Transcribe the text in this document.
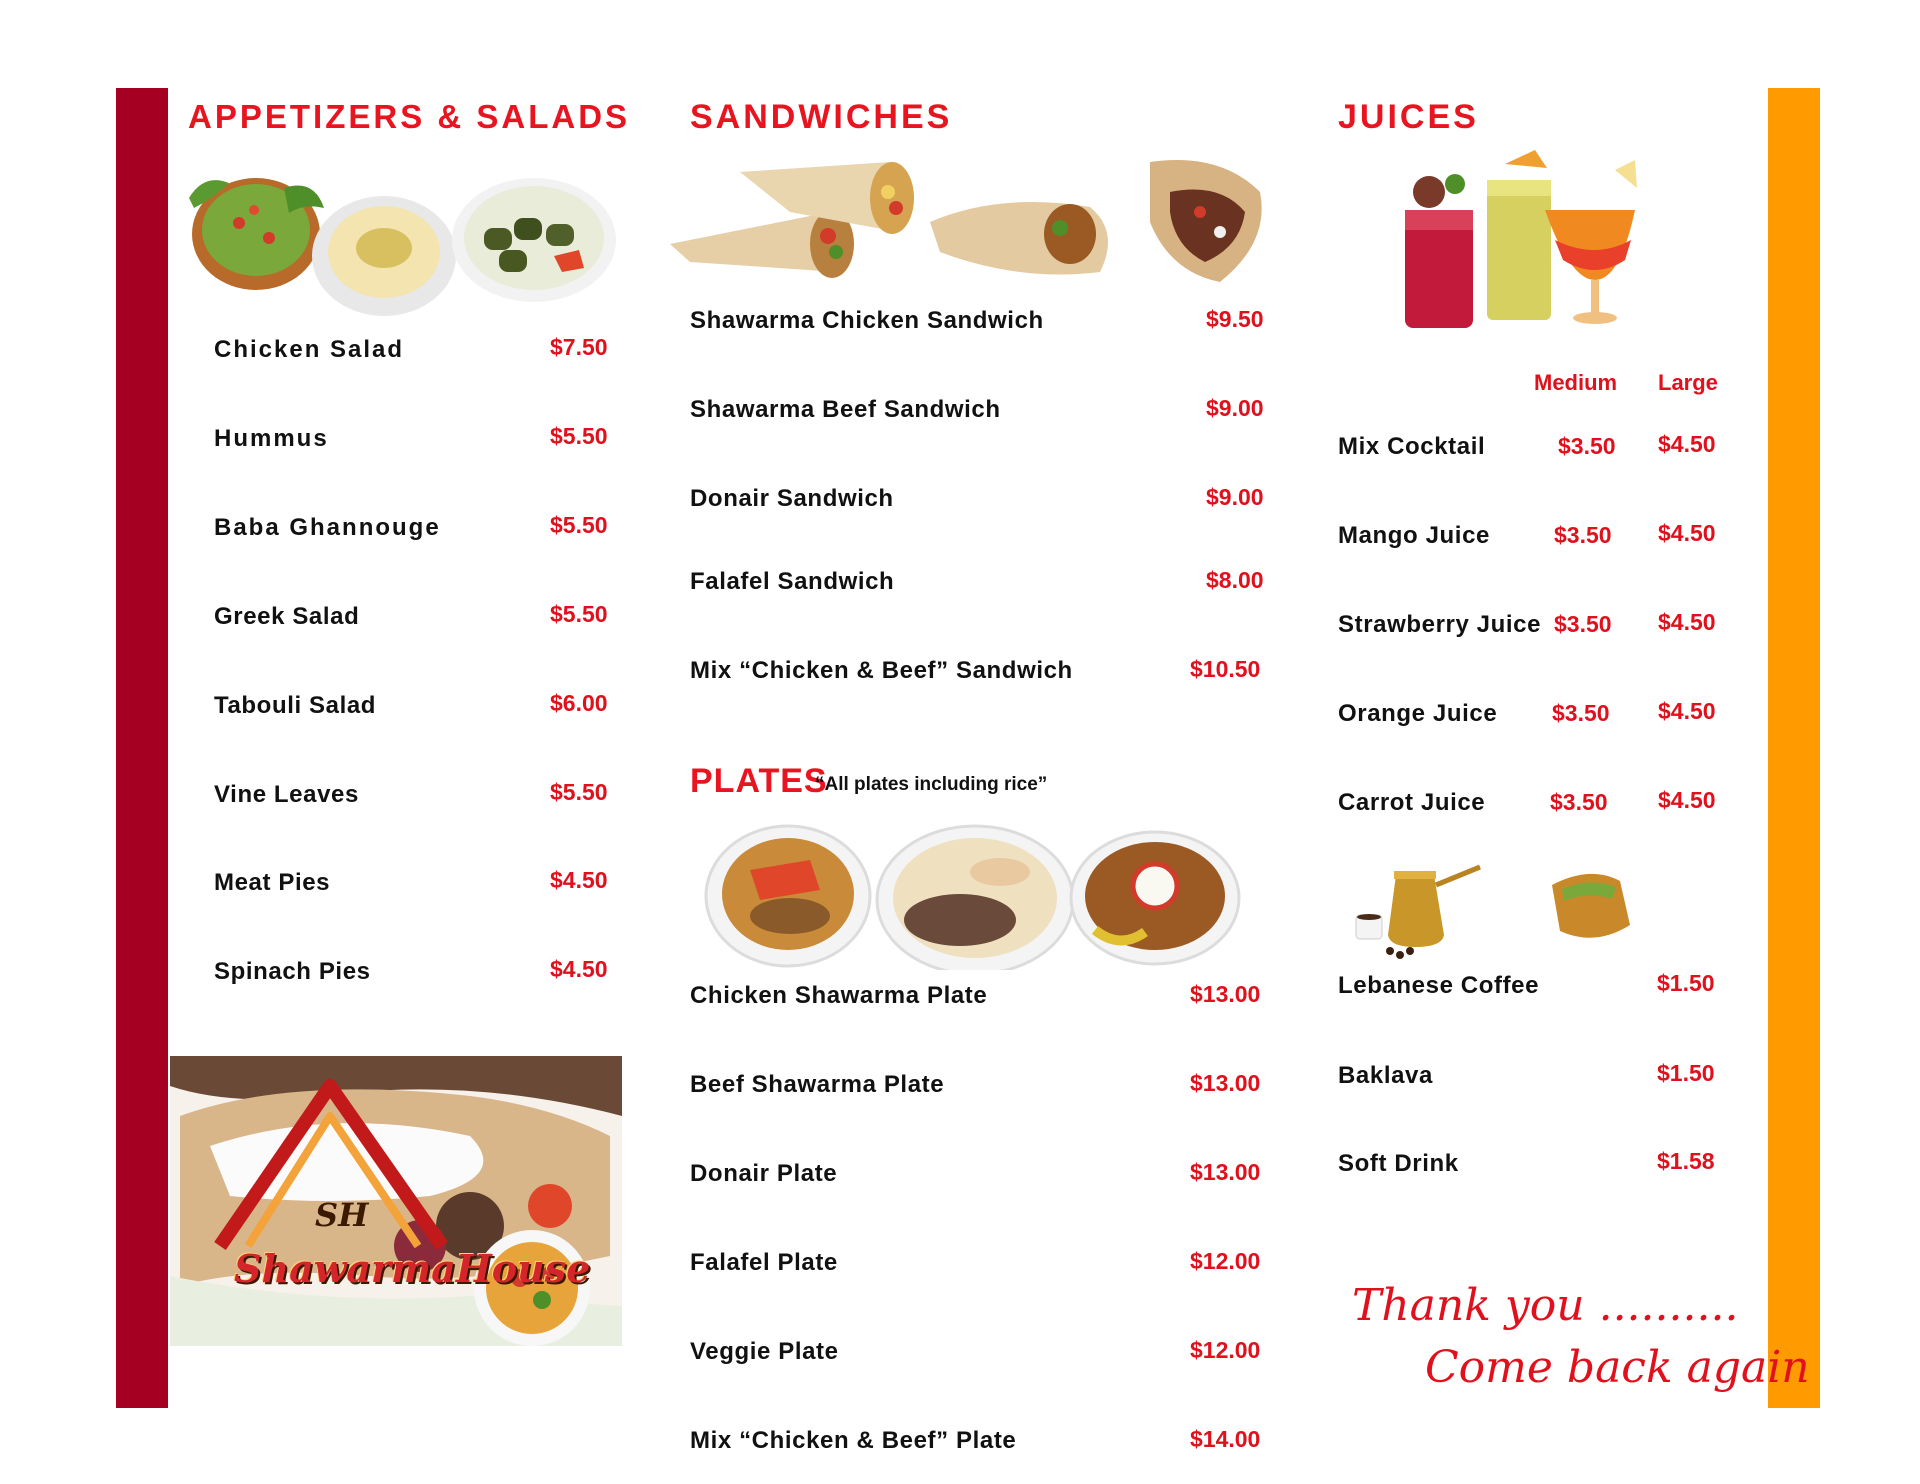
APPETIZERS & SALADS
Chicken Salad	$7.50
Hummus	$5.50
Baba Ghannouge	$5.50
Greek Salad	$5.50
Tabouli Salad	$6.00
Vine Leaves	$5.50
Meat Pies	$4.50
Spinach Pies	$4.50
SH
ShawarmaHouse
SANDWICHES
Shawarma Chicken Sandwich	$9.50
Shawarma Beef Sandwich	$9.00
Donair Sandwich	$9.00
Falafel Sandwich	$8.00
Mix “Chicken & Beef” Sandwich	$10.50
PLATES
“All plates including rice”
Chicken Shawarma Plate	$13.00
Beef Shawarma Plate	$13.00
Donair Plate	$13.00
Falafel Plate	$12.00
Veggie Plate	$12.00
Mix “Chicken & Beef” Plate	$14.00
JUICES
Medium Large
Mix Cocktail	$3.50 $4.50
Mango Juice	$3.50 $4.50
Strawberry Juice $3.50 $4.50
Orange Juice $3.50 $4.50
Carrot Juice	$3.50 $4.50
Lebanese Coffee	$1.50
Baklava	$1.50
Soft Drink	$1.58
Thank you ..........
Come back again
